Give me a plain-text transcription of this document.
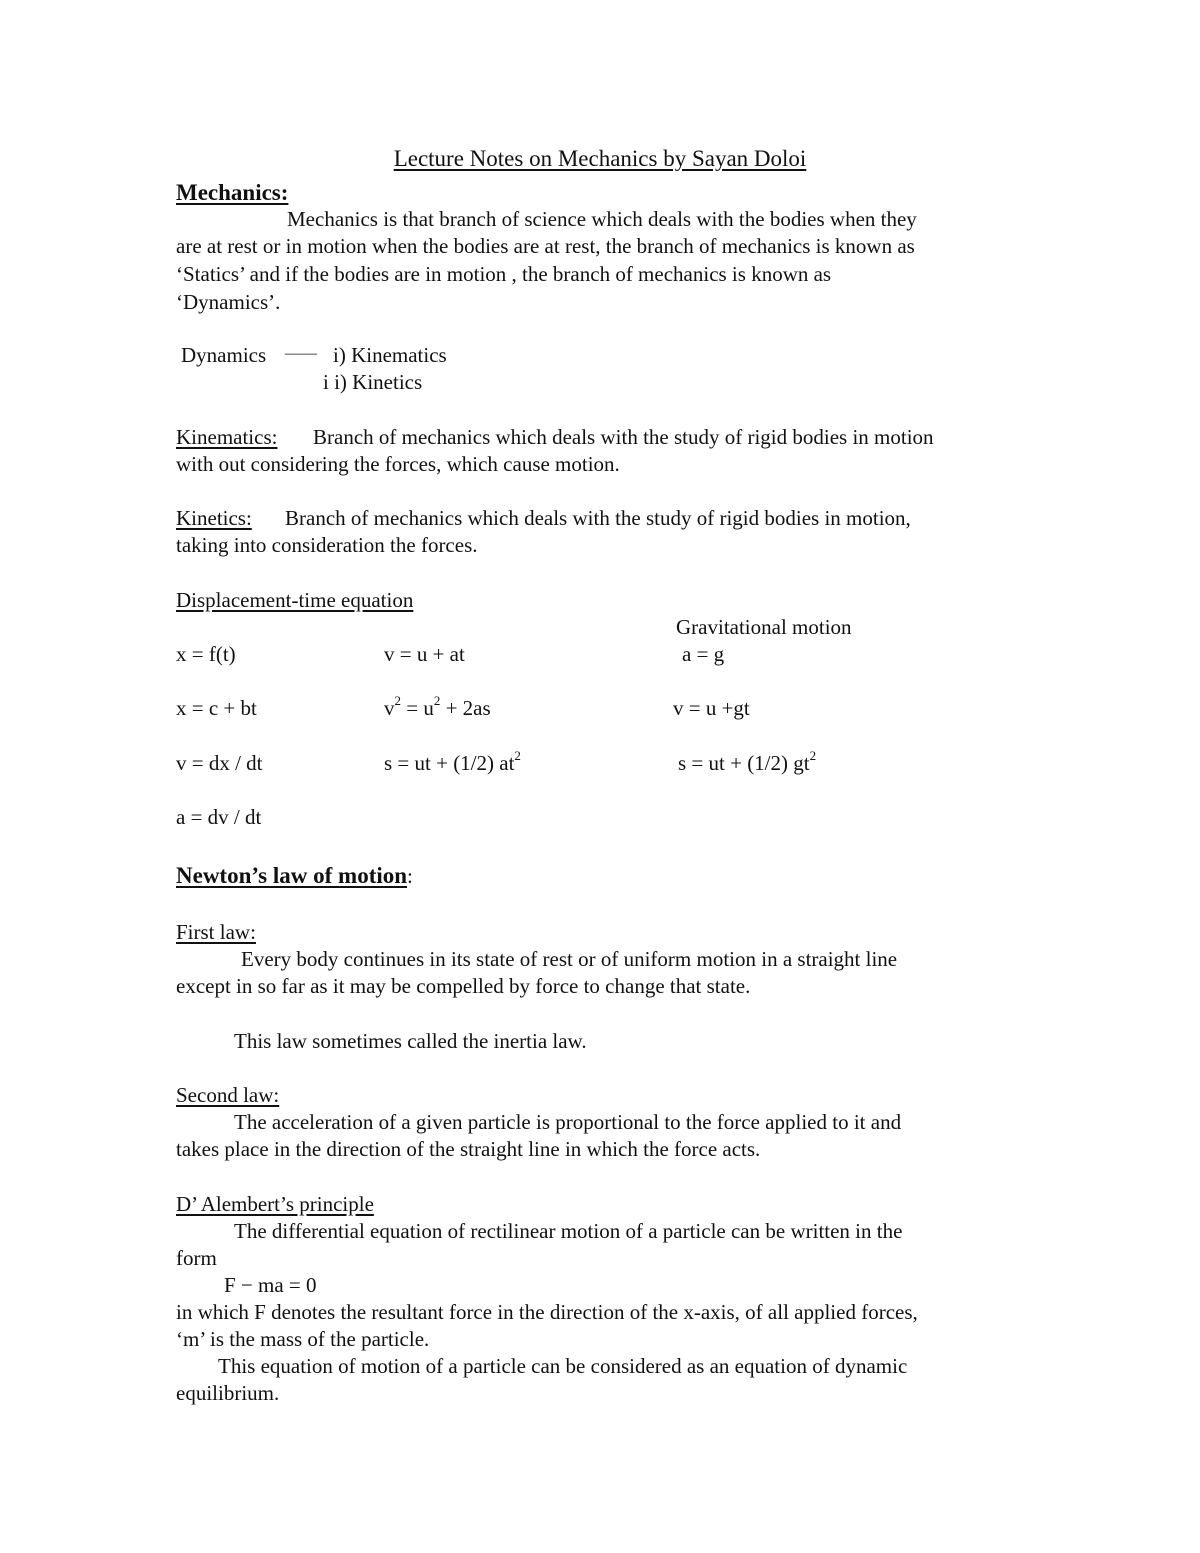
Lecture Notes on Mechanics by Sayan Doloi
Mechanics:
Mechanics is that branch of science which deals with the bodies when they
are at rest or in motion when the bodies are at rest, the branch of mechanics is known as
‘Statics’ and if the bodies are in motion , the branch of mechanics is known as
‘Dynamics’.
Dynamics —— i) Kinematics
i i) Kinetics
Kinematics: Branch of mechanics which deals with the study of rigid bodies in motion
with out considering the forces, which cause motion.
Kinetics: Branch of mechanics which deals with the study of rigid bodies in motion,
taking into consideration the forces.
Displacement-time equation
Gravitational motion
x = f(t)
x = c + bt
v = dx / dt
a = dv / dt
v = u + at
$v^2 = u^2 + 2as$
s = ut + (1/2) $at^2$
a = g
v = u +gt
s = ut + (1/2) $gt^2$
Newton’s law of motion:
First law:
Every body continues in its state of rest or of uniform motion in a straight line
except in so far as it may be compelled by force to change that state.
This law sometimes called the inertia law.
Second law:
The acceleration of a given particle is proportional to the force applied to it and
takes place in the direction of the straight line in which the force acts.
D’ Alembert’s principle
The differential equation of rectilinear motion of a particle can be written in the
form
F − ma = 0
in which F denotes the resultant force in the direction of the x-axis, of all applied forces,
‘m’ is the mass of the particle.
This equation of motion of a particle can be considered as an equation of dynamic
equilibrium.
